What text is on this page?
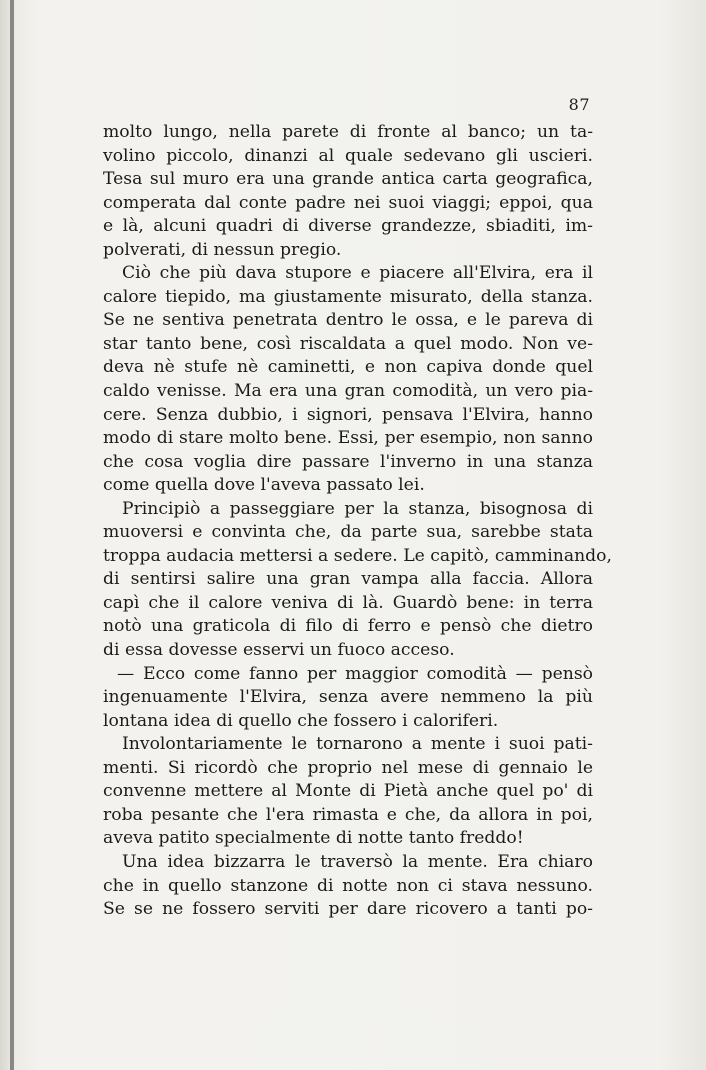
87
molto lungo, nella parete di fronte al banco; un ta-
volino piccolo, dinanzi al quale sedevano gli uscieri.
Tesa sul muro era una grande antica carta geografica,
comperata dal conte padre nei suoi viaggi; eppoi, qua
e là, alcuni quadri di diverse grandezze, sbiaditi, im-
polverati, di nessun pregio.
Ciò che più dava stupore e piacere all'Elvira, era il
calore tiepido, ma giustamente misurato, della stanza.
Se ne sentiva penetrata dentro le ossa, e le pareva di
star tanto bene, così riscaldata a quel modo. Non ve-
deva nè stufe nè caminetti, e non capiva donde quel
caldo venisse. Ma era una gran comodità, un vero pia-
cere. Senza dubbio, i signori, pensava l'Elvira, hanno
modo di stare molto bene. Essi, per esempio, non sanno
che cosa voglia dire passare l'inverno in una stanza
come quella dove l'aveva passato lei.
Principiò a passeggiare per la stanza, bisognosa di
muoversi e convinta che, da parte sua, sarebbe stata
troppa audacia mettersi a sedere. Le capitò, camminando,
di sentirsi salire una gran vampa alla faccia. Allora
capì che il calore veniva di là. Guardò bene: in terra
notò una graticola di filo di ferro e pensò che dietro
di essa dovesse esservi un fuoco acceso.
— Ecco come fanno per maggior comodità — pensò
ingenuamente l'Elvira, senza avere nemmeno la più
lontana idea di quello che fossero i caloriferi.
Involontariamente le tornarono a mente i suoi pati-
menti. Si ricordò che proprio nel mese di gennaio le
convenne mettere al Monte di Pietà anche quel po' di
roba pesante che l'era rimasta e che, da allora in poi,
aveva patito specialmente di notte tanto freddo!
Una idea bizzarra le traversò la mente. Era chiaro
che in quello stanzone di notte non ci stava nessuno.
Se se ne fossero serviti per dare ricovero a tanti po-
